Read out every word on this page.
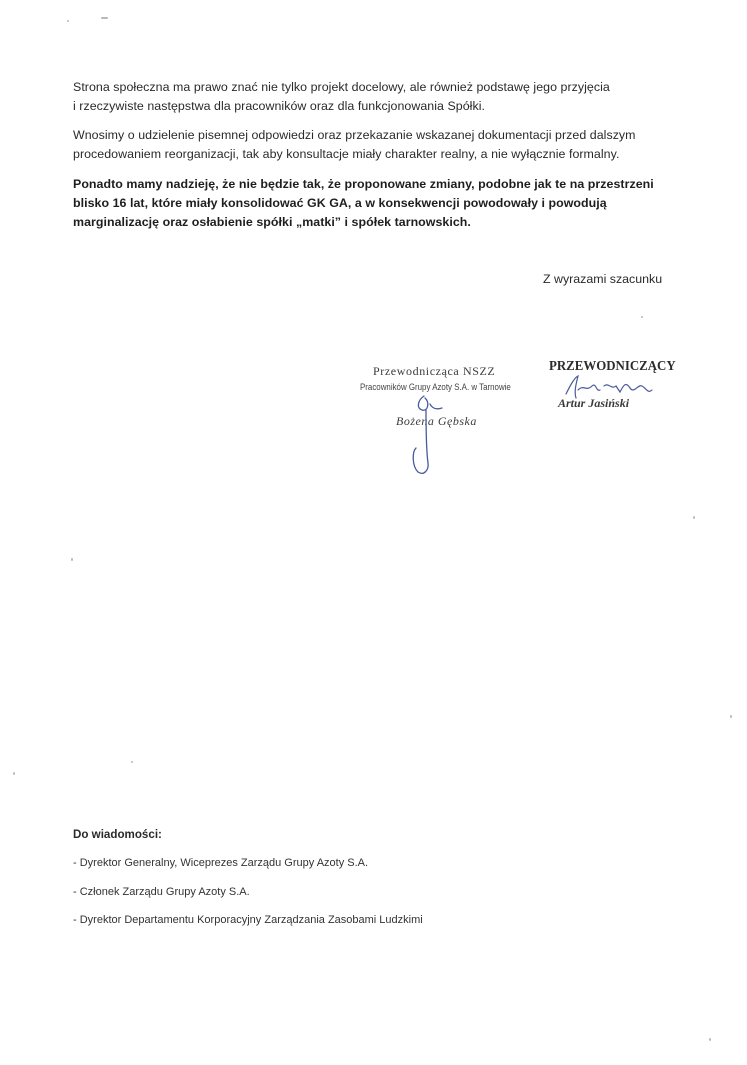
Strona społeczna ma prawo znać nie tylko projekt docelowy, ale również podstawę jego przyjęcia
i rzeczywiste następstwa dla pracowników oraz dla funkcjonowania Spółki.

Wnosimy o udzielenie pisemnej odpowiedzi oraz przekazanie wskazanej dokumentacji przed dalszym
procedowaniem reorganizacji, tak aby konsultacje miały charakter realny, a nie wyłącznie formalny.

Ponadto mamy nadzieję, że nie będzie tak, że proponowane zmiany, podobne jak te na przestrzeni
blisko 16 lat, które miały konsolidować GK GA, a w konsekwencji powodowały i powodują
marginalizację oraz osłabienie spółki „matki” i spółek tarnowskich.

Z wyrazami szacunku
Przewodnicząca NSZZ
Pracowników Grupy Azoty S.A. w Tarnowie
Bożena Gębska
PRZEWODNICZĄCY
Artur Jasiński
Do wiadomości:
- Dyrektor Generalny, Wiceprezes Zarządu Grupy Azoty S.A.
- Członek Zarządu Grupy Azoty S.A.
- Dyrektor Departamentu Korporacyjny Zarządzania Zasobami Ludzkimi
